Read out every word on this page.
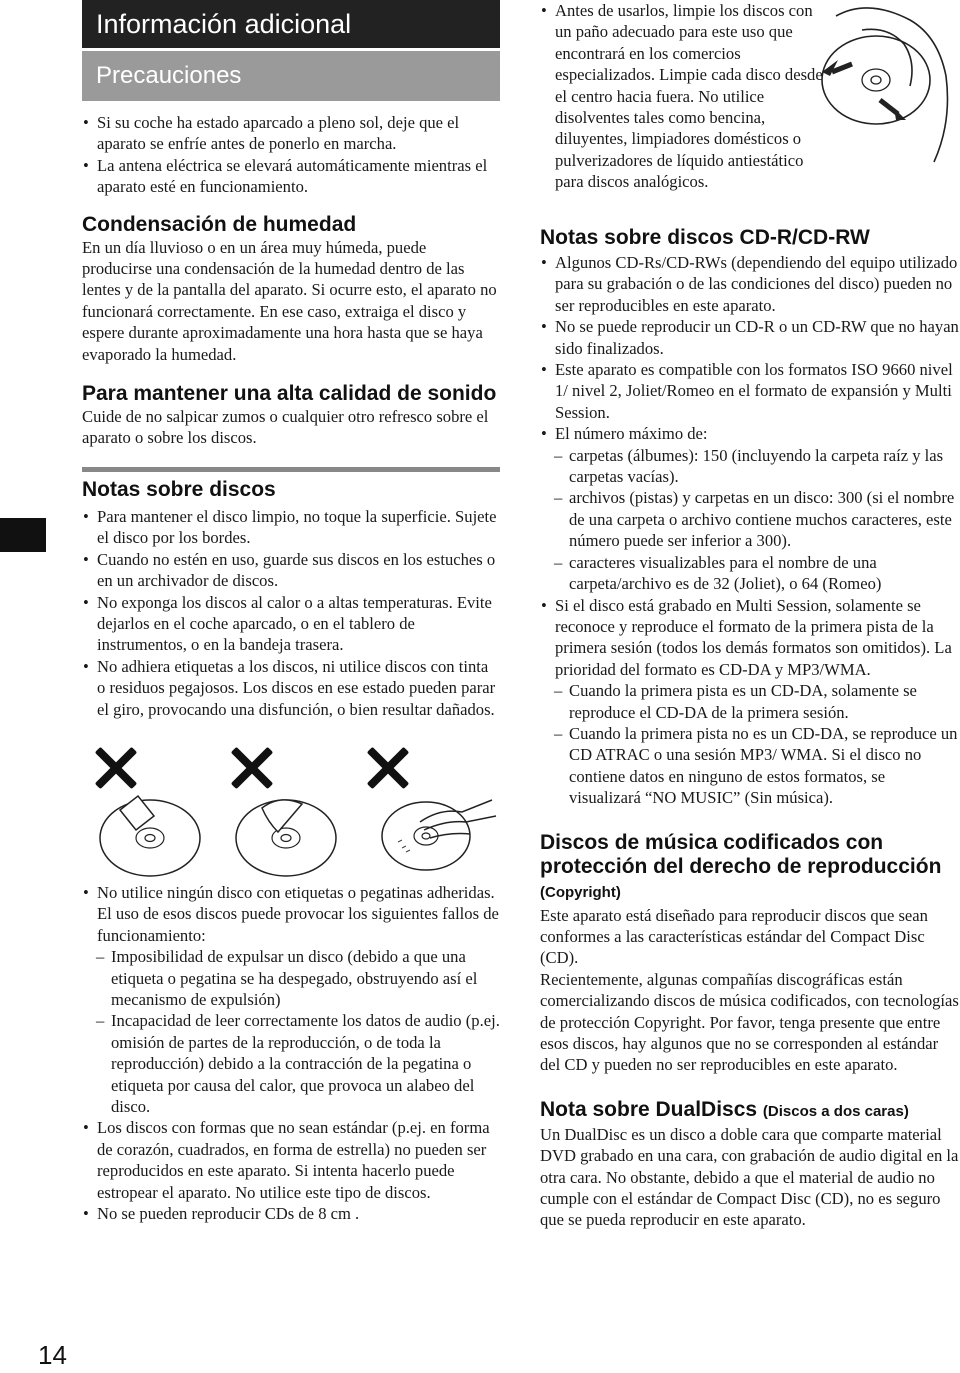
14
Información adicional
Precauciones
• Si su coche ha estado aparcado a pleno sol, deje que el aparato se enfríe antes de ponerlo en marcha.
• La antena eléctrica se elevará automáticamente mientras el aparato esté en funcionamiento.
Condensación de humedad

En un día lluvioso o en un área muy húmeda, puede producirse una condensación de la humedad dentro de las lentes y de la pantalla del aparato. Si ocurre esto, el aparato no funcionará correctamente. En ese caso, extraiga el disco y espere durante aproximadamente una hora hasta que se haya evaporado la humedad.

Para mantener una alta calidad de sonido

Cuide de no salpicar zumos o cualquier otro refresco sobre el aparato o sobre los discos.

Notas sobre discos
• Para mantener el disco limpio, no toque la superficie. Sujete el disco por los bordes.
• Cuando no estén en uso, guarde sus discos en los estuches o en un archivador de discos.
• No exponga los discos al calor o a altas temperaturas. Evite dejarlos en el coche aparcado, o en el tablero de instrumentos, o en la bandeja trasera.
• No adhiera etiquetas a los discos, ni utilice discos con tinta o residuos pegajosos. Los discos en ese estado pueden parar el giro, provocando una disfunción, o bien resultar dañados.
• No utilice ningún disco con etiquetas o pegatinas adheridas. El uso de esos discos puede provocar los siguientes fallos de funcionamiento:
– Imposibilidad de expulsar un disco (debido a que una etiqueta o pegatina se ha despegado, obstruyendo así el mecanismo de expulsión)
– Incapacidad de leer correctamente los datos de audio (p.ej. omisión de partes de la reproducción, o de toda la reproducción) debido a la contracción de la pegatina o etiqueta por causa del calor, que provoca un alabeo del disco.
• Los discos con formas que no sean estándar (p.ej. en forma de corazón, cuadrados, en forma de estrella) no pueden ser reproducidos en este aparato. Si intenta hacerlo puede estropear el aparato. No utilice este tipo de discos.
• No se pueden reproducir CDs de 8 cm .
• Antes de usarlos, limpie los discos con un paño adecuado para este uso que encontrará en los comercios especializados. Limpie cada disco desde el centro hacia fuera. No utilice disolventes tales como bencina, diluyentes, limpiadores domésticos o pulverizadores de líquido antiestático para discos analógicos.
Notas sobre discos CD-R/CD-RW
• Algunos CD-Rs/CD-RWs (dependiendo del equipo utilizado para su grabación o de las condiciones del disco) pueden no ser reproducibles en este aparato.
• No se puede reproducir un CD-R o un CD-RW que no hayan sido finalizados.
• Este aparato es compatible con los formatos ISO 9660 nivel 1/ nivel 2, Joliet/Romeo en el formato de expansión y Multi Session.
• El número máximo de:
– carpetas (álbumes): 150 (incluyendo la carpeta raíz y las carpetas vacías).
– archivos (pistas) y carpetas en un disco: 300 (si el nombre de una carpeta o archivo contiene muchos caracteres, este número puede ser inferior a 300).
– caracteres visualizables para el nombre de una carpeta/archivo es de 32 (Joliet), o 64 (Romeo)
• Si el disco está grabado en Multi Session, solamente se reconoce y reproduce el formato de la primera pista de la primera sesión (todos los demás formatos son omitidos). La prioridad del formato es CD-DA y MP3/WMA.
– Cuando la primera pista es un CD-DA, solamente se reproduce el CD-DA de la primera sesión.
– Cuando la primera pista no es un CD-DA, se reproduce un CD ATRAC o una sesión MP3/ WMA. Si el disco no contiene datos en ninguno de estos formatos, se visualizará “NO MUSIC” (Sin música).
Discos de música codificados con protección del derecho de reproducción (Copyright)

Este aparato está diseñado para reproducir discos que sean conformes a las características estándar del Compact Disc (CD).

Recientemente, algunas compañías discográficas están comercializando discos de música codificados, con tecnologías de protección Copyright. Por favor, tenga presente que entre esos discos, hay algunos que no se corresponden al estándar del CD y pueden no ser reproducibles en este aparato.

Nota sobre DualDiscs (Discos a dos caras)

Un DualDisc es un disco a doble cara que comparte material DVD grabado en una cara, con grabación de audio digital en la otra cara. No obstante, debido a que el material de audio no cumple con el estándar de Compact Disc (CD), no es seguro que se pueda reproducir en este aparato.
